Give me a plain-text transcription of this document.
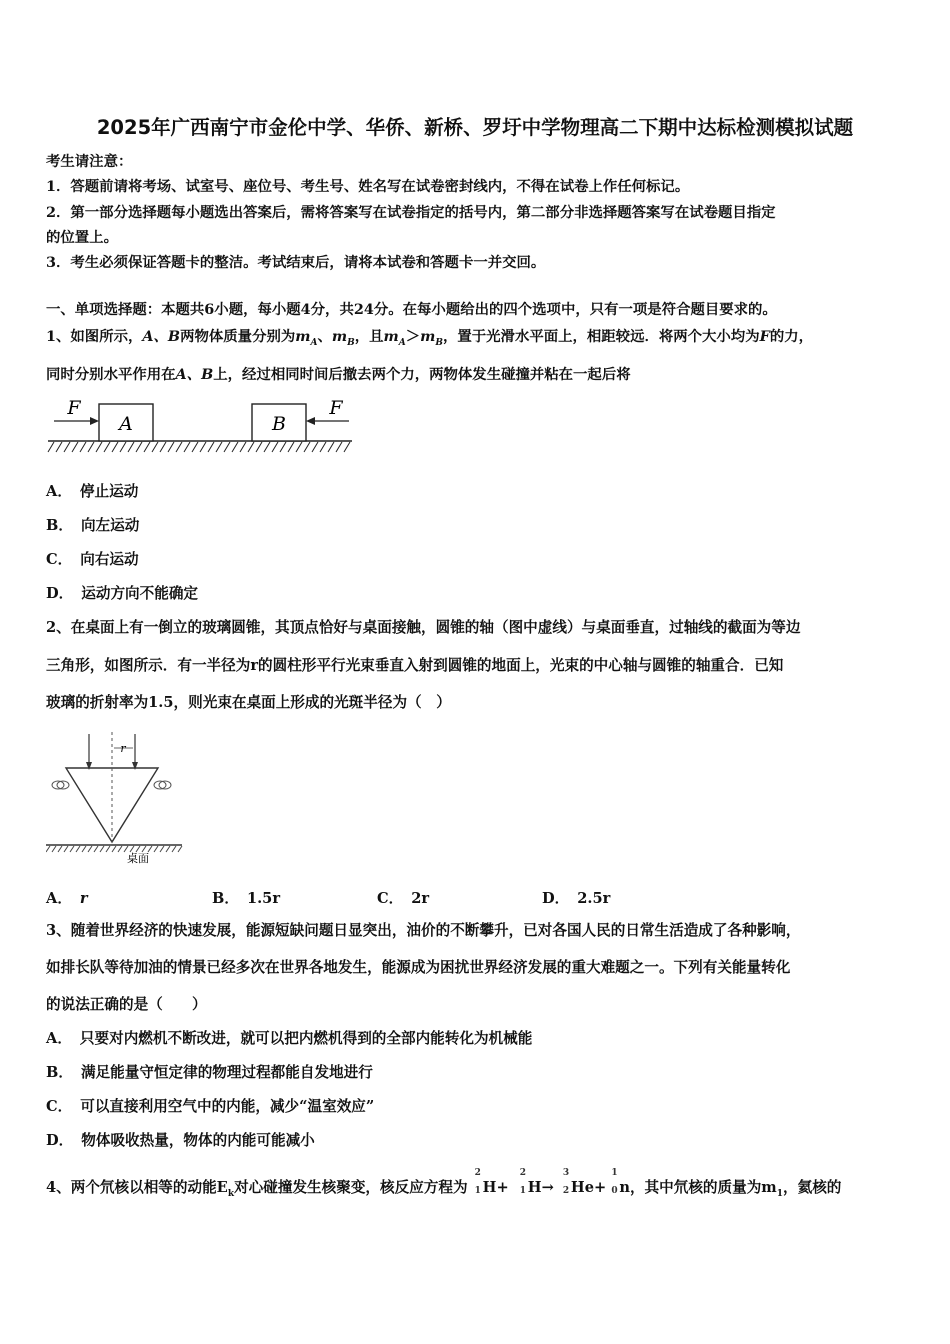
2025年广西南宁市金伦中学、华侨、新桥、罗圩中学物理高二下期中达标检测模拟试题
考生请注意：
1．答题前请将考场、试室号、座位号、考生号、姓名写在试卷密封线内，不得在试卷上作任何标记。
2．第一部分选择题每小题选出答案后，需将答案写在试卷指定的括号内，第二部分非选择题答案写在试卷题目指定
的位置上。
3．考生必须保证答题卡的整洁。考试结束后，请将本试卷和答题卡一并交回。
一、单项选择题：本题共6小题，每小题4分，共24分。在每小题给出的四个选项中，只有一项是符合题目要求的。
1、如图所示，A、B两物体质量分别为$m_A$、$m_B$，且$m_A>m_B$，置于光滑水平面上，相距较远．将两个大小均为F的力，
同时分别水平作用在A、B上，经过相同时间后撤去两个力，两物体发生碰撞并粘在一起后将
A	B
F	F
A． 停止运动
B． 向左运动
C． 向右运动
D． 运动方向不能确定
2、在桌面上有一倒立的玻璃圆锥，其顶点恰好与桌面接触，圆锥的轴（图中虚线）与桌面垂直，过轴线的截面为等边
三角形，如图所示．有一半径为r的圆柱形平行光束垂直入射到圆锥的地面上，光束的中心轴与圆锥的轴重合．已知
玻璃的折射率为1.5，则光束在桌面上形成的光斑半径为（　）
r
桌面
A． r	B． 1.5r	C． 2r	D． 2.5r
3、随着世界经济的快速发展，能源短缺问题日显突出，油价的不断攀升，已对各国人民的日常生活造成了各种影响，
如排长队等待加油的情景已经多次在世界各地发生，能源成为困扰世界经济发展的重大难题之一。下列有关能量转化
的说法正确的是（　　）
A． 只要对内燃机不断改进，就可以把内燃机得到的全部内能转化为机械能
B． 满足能量守恒定律的物理过程都能自发地进行
C． 可以直接利用空气中的内能，减少“温室效应”
D． 物体吸收热量，物体的内能可能减小
4、两个氘核以相等的动能$E_k$对心碰撞发生核聚变，核反应方程为
2
1 H+
2
1 H→
3
2 He+
1
0 n，其中氘核的质量为$m_1$，氦核的
